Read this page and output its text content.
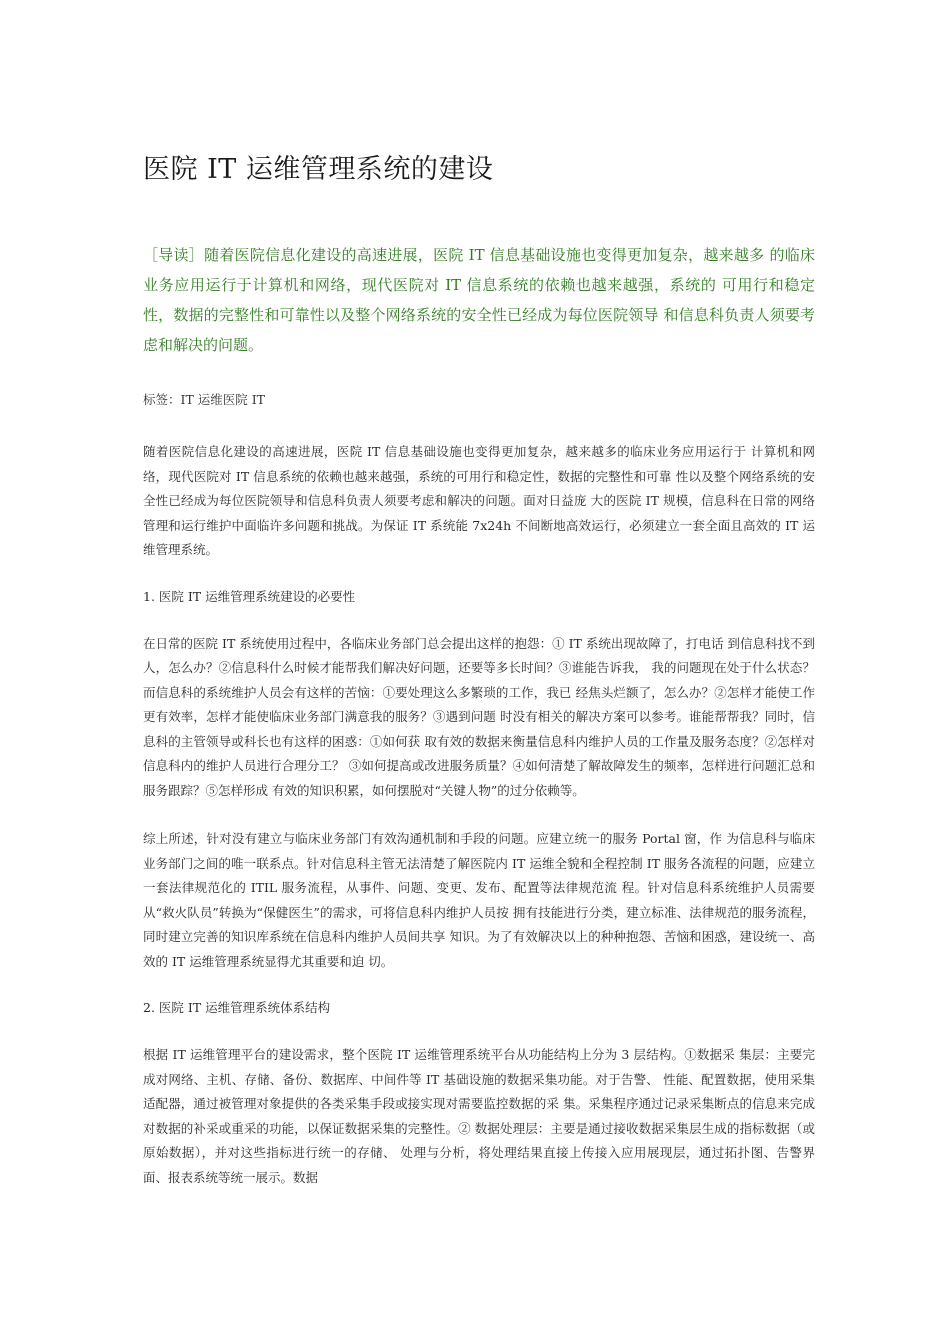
医院 IT 运维管理系统的建设

［导读］随着医院信息化建设的高速进展，医院 IT 信息基础设施也变得更加复杂，越来越多 的临床业务应用运行于计算机和网络，现代医院对 IT 信息系统的依赖也越来越强，系统的 可用行和稳定性，数据的完整性和可靠性以及整个网络系统的安全性已经成为每位医院领导 和信息科负责人须要考虑和解决的问题。

标签：IT 运维医院 IT

随着医院信息化建设的高速进展，医院 IT 信息基础设施也变得更加复杂，越来越多的临床业务应用运行于 计算机和网络，现代医院对 IT 信息系统的依赖也越来越强，系统的可用行和稳定性，数据的完整性和可靠 性以及整个网络系统的安全性已经成为每位医院领导和信息科负责人须要考虑和解决的问题。面对日益庞 大的医院 IT 规模，信息科在日常的网络管理和运行维护中面临许多问题和挑战。为保证 IT 系统能 7x24h 不间断地高效运行，必须建立一套全面且高效的 IT 运维管理系统。

1. 医院 IT 运维管理系统建设的必要性

在日常的医院 IT 系统使用过程中，各临床业务部门总会提出这样的抱怨：① IT 系统出现故障了，打电话 到信息科找不到人，怎么办？②信息科什么时候才能帮我们解决好问题，还要等多长时间？③谁能告诉我， 我的问题现在处于什么状态？而信息科的系统维护人员会有这样的苦恼：①要处理这么多繁琐的工作，我已 经焦头烂额了，怎么办？②怎样才能使工作更有效率，怎样才能使临床业务部门满意我的服务？③遇到问题 时没有相关的解决方案可以参考。谁能帮帮我？同时，信息科的主管领导或科长也有这样的困惑：①如何获 取有效的数据来衡量信息科内维护人员的工作量及服务态度？②怎样对信息科内的维护人员进行合理分工？ ③如何提高或改进服务质量？④如何清楚了解故障发生的频率，怎样进行问题汇总和服务跟踪？⑤怎样形成 有效的知识积累，如何摆脱对“关键人物”的过分依赖等。

综上所述，针对没有建立与临床业务部门有效沟通机制和手段的问题。应建立统一的服务 Portal 窗，作 为信息科与临床业务部门之间的唯一联系点。针对信息科主管无法清楚了解医院内 IT 运维全貌和全程控制 IT 服务各流程的问题，应建立一套法律规范化的 ITIL 服务流程，从事件、问题、变更、发布、配置等法律规范流 程。针对信息科系统维护人员需要从“救火队员”转换为“保健医生”的需求，可将信息科内维护人员按 拥有技能进行分类，建立标准、法律规范的服务流程，同时建立完善的知识库系统在信息科内维护人员间共享 知识。为了有效解决以上的种种抱怨、苦恼和困惑，建设统一、高效的 IT 运维管理系统显得尤其重要和迫 切。

2. 医院 IT 运维管理系统体系结构

根据 IT 运维管理平台的建设需求，整个医院 IT 运维管理系统平台从功能结构上分为 3 层结构。①数据采 集层：主要完成对网络、主机、存储、备份、数据库、中间件等 IT 基础设施的数据采集功能。对于告警、 性能、配置数据，使用采集适配器，通过被管理对象提供的各类采集手段或接实现对需要监控数据的采 集。采集程序通过记录采集断点的信息来完成对数据的补采或重采的功能，以保证数据采集的完整性。② 数据处理层：主要是通过接收数据采集层生成的指标数据（或原始数据），并对这些指标进行统一的存储、 处理与分析，将处理结果直接上传接入应用展现层，通过拓扑图、告警界面、报表系统等统一展示。数据
